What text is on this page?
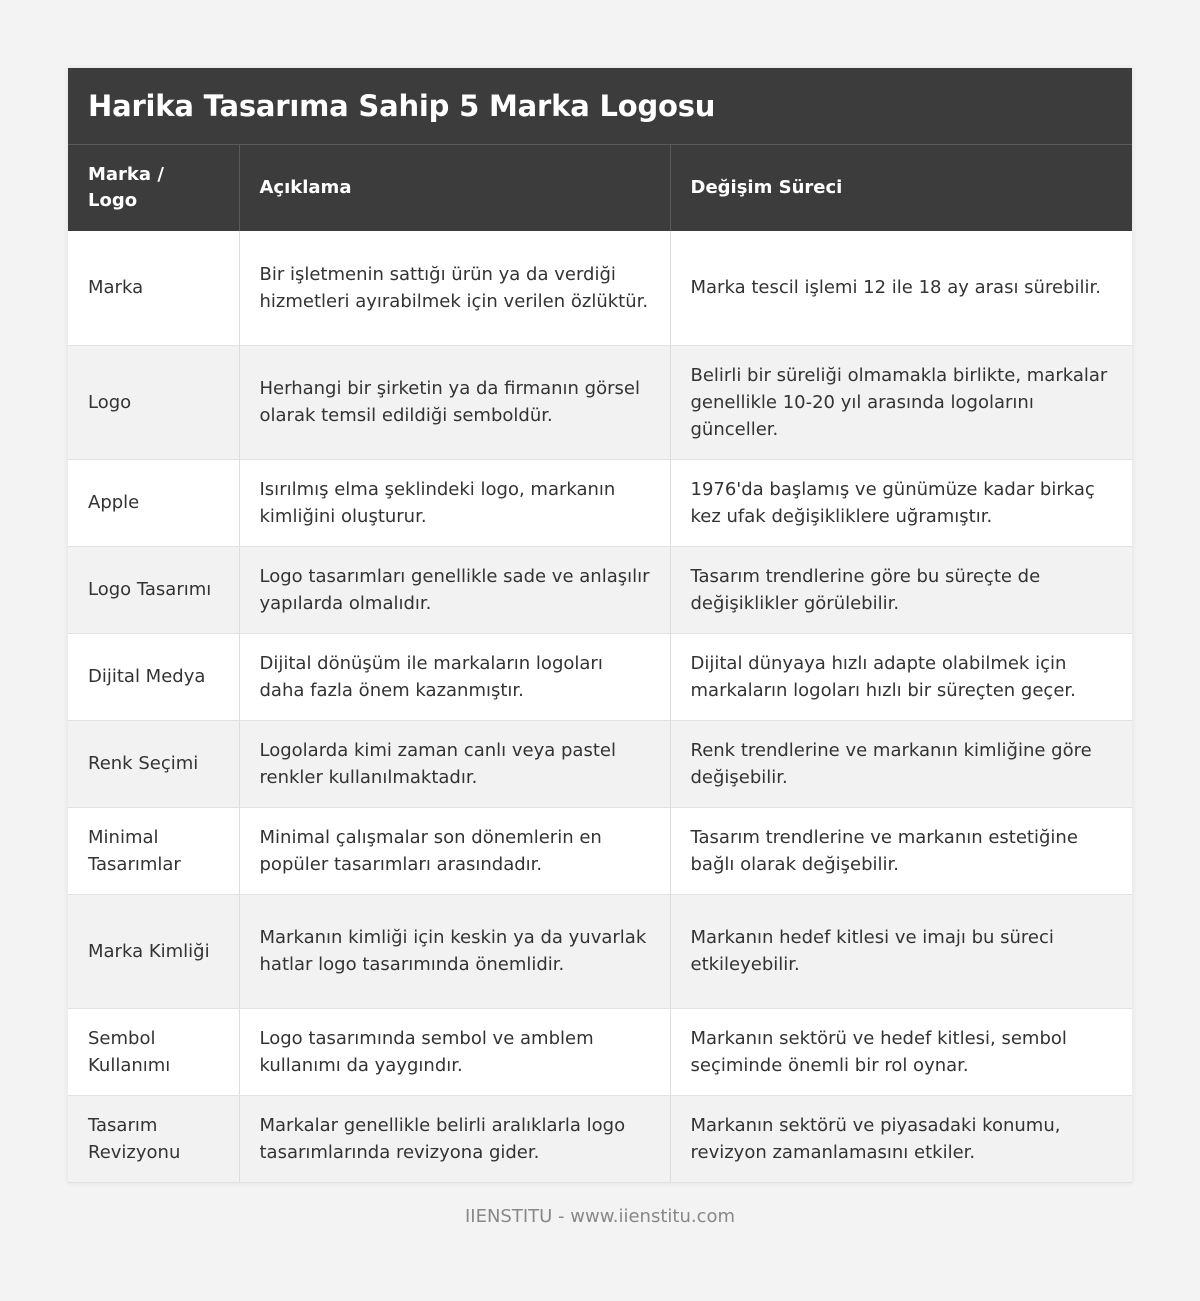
Harika Tasarıma Sahip 5 Marka Logosu
Marka / Logo	Açıklama	Değişim Süreci
Marka	Bir işletmenin sattığı ürün ya da verdiği hizmetleri ayırabilmek için verilen özlüktür.	Marka tescil işlemi 12 ile 18 ay arası sürebilir.
Logo	Herhangi bir şirketin ya da firmanın görsel olarak temsil edildiği semboldür.	Belirli bir süreliği olmamakla birlikte, markalar genellikle 10-20 yıl arasında logolarını günceller.
Apple	Isırılmış elma şeklindeki logo, markanın kimliğini oluşturur.	1976'da başlamış ve günümüze kadar birkaç kez ufak değişikliklere uğramıştır.
Logo Tasarımı	Logo tasarımları genellikle sade ve anlaşılır yapılarda olmalıdır.	Tasarım trendlerine göre bu süreçte de değişiklikler görülebilir.
Dijital Medya	Dijital dönüşüm ile markaların logoları daha fazla önem kazanmıştır.	Dijital dünyaya hızlı adapte olabilmek için markaların logoları hızlı bir süreçten geçer.
Renk Seçimi	Logolarda kimi zaman canlı veya pastel renkler kullanılmaktadır.	Renk trendlerine ve markanın kimliğine göre değişebilir.
Minimal Tasarımlar	Minimal çalışmalar son dönemlerin en popüler tasarımları arasındadır.	Tasarım trendlerine ve markanın estetiğine bağlı olarak değişebilir.
Marka Kimliği	Markanın kimliği için keskin ya da yuvarlak hatlar logo tasarımında önemlidir.	Markanın hedef kitlesi ve imajı bu süreci etkileyebilir.
Sembol Kullanımı	Logo tasarımında sembol ve amblem kullanımı da yaygındır.	Markanın sektörü ve hedef kitlesi, sembol seçiminde önemli bir rol oynar.
Tasarım Revizyonu	Markalar genellikle belirli aralıklarla logo tasarımlarında revizyona gider.	Markanın sektörü ve piyasadaki konumu, revizyon zamanlamasını etkiler.
IIENSTITU - www.iienstitu.com
